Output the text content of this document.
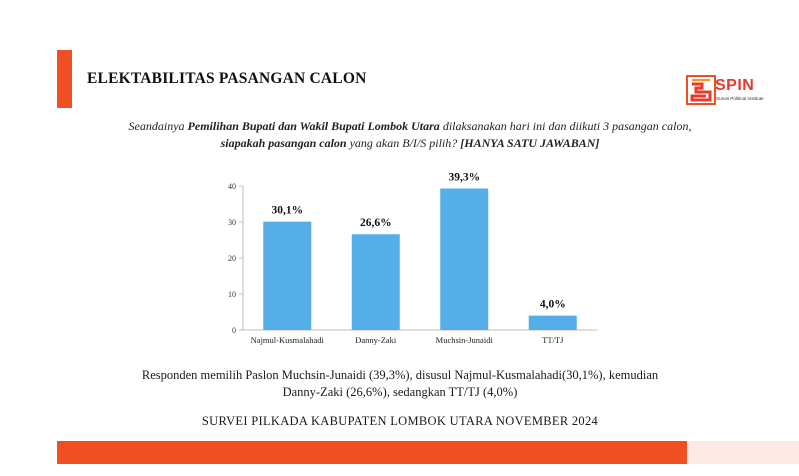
ELEKTABILITAS PASANGAN CALON	SPIN
Survei Political Institute
Seandainya Pemilihan Bupati dan Wakil Bupati Lombok Utara dilaksanakan hari ini dan diikuti 3 pasangan calon, siapakah pasangan calon yang akan B/I/S pilih? [HANYA SATU JAWABAN]
0
10
20
30
40
30,1%
Najmul-Kusmalahadi
26,6%
Danny-Zaki
39,3%
Muchsin-Junaidi
4,0%
TT/TJ
Responden memilih Paslon Muchsin-Junaidi (39,3%), disusul Najmul-Kusmalahadi(30,1%), kemudian
Danny-Zaki (26,6%), sedangkan TT/TJ (4,0%)
SURVEI PILKADA KABUPATEN LOMBOK UTARA NOVEMBER 2024
